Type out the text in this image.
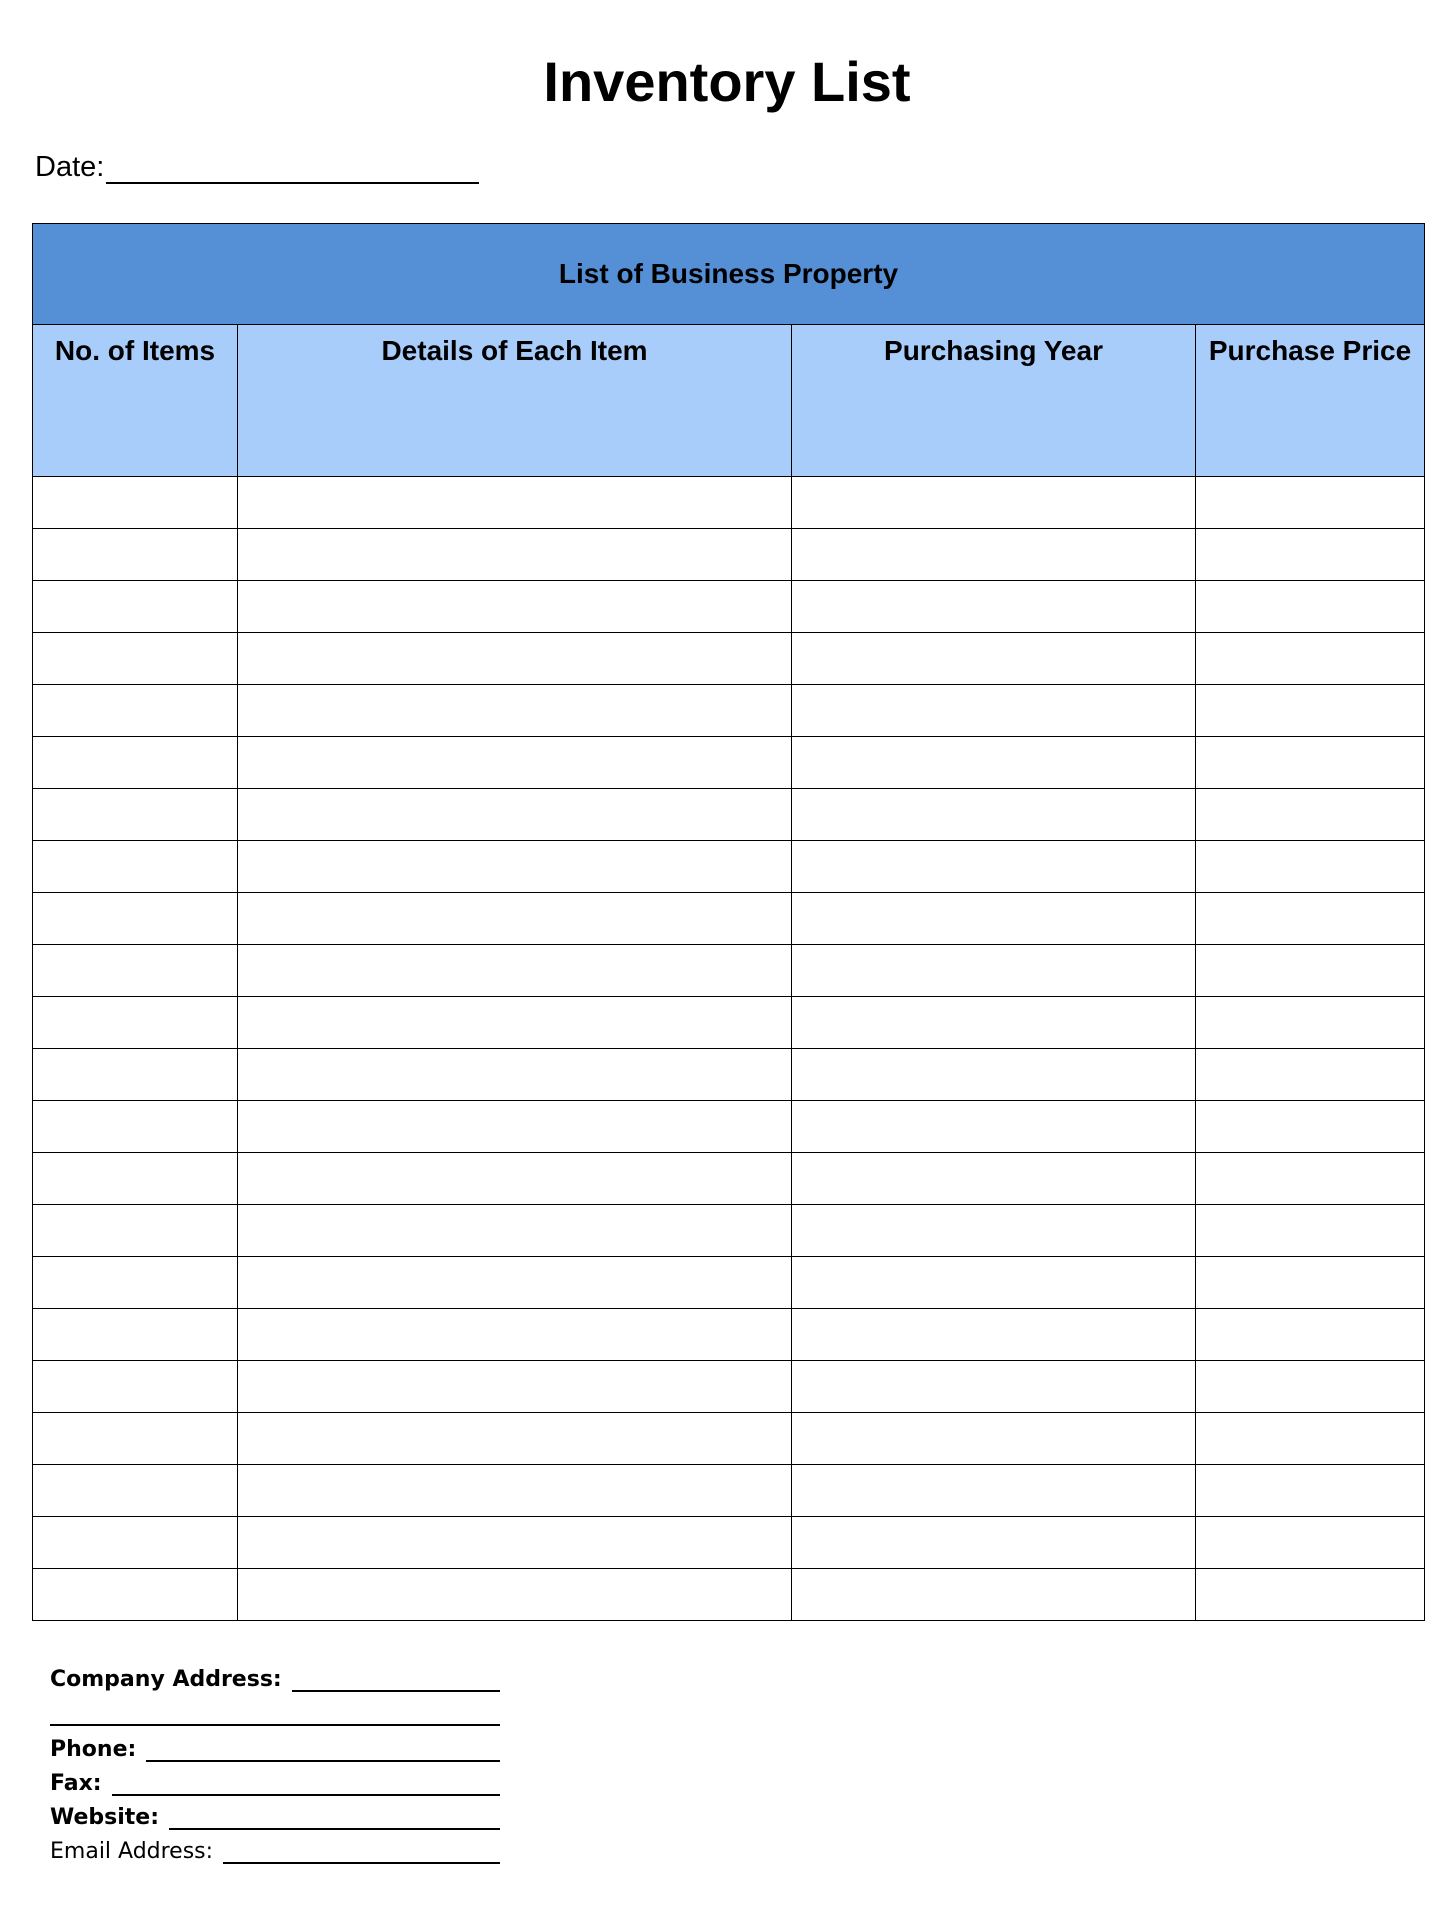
Inventory List
Date:
List of Business Property			
No. of Items	Details of Each Item	Purchasing Year	Purchase Price

Company Address:
Phone:
Fax:
Website:
Email Address:
